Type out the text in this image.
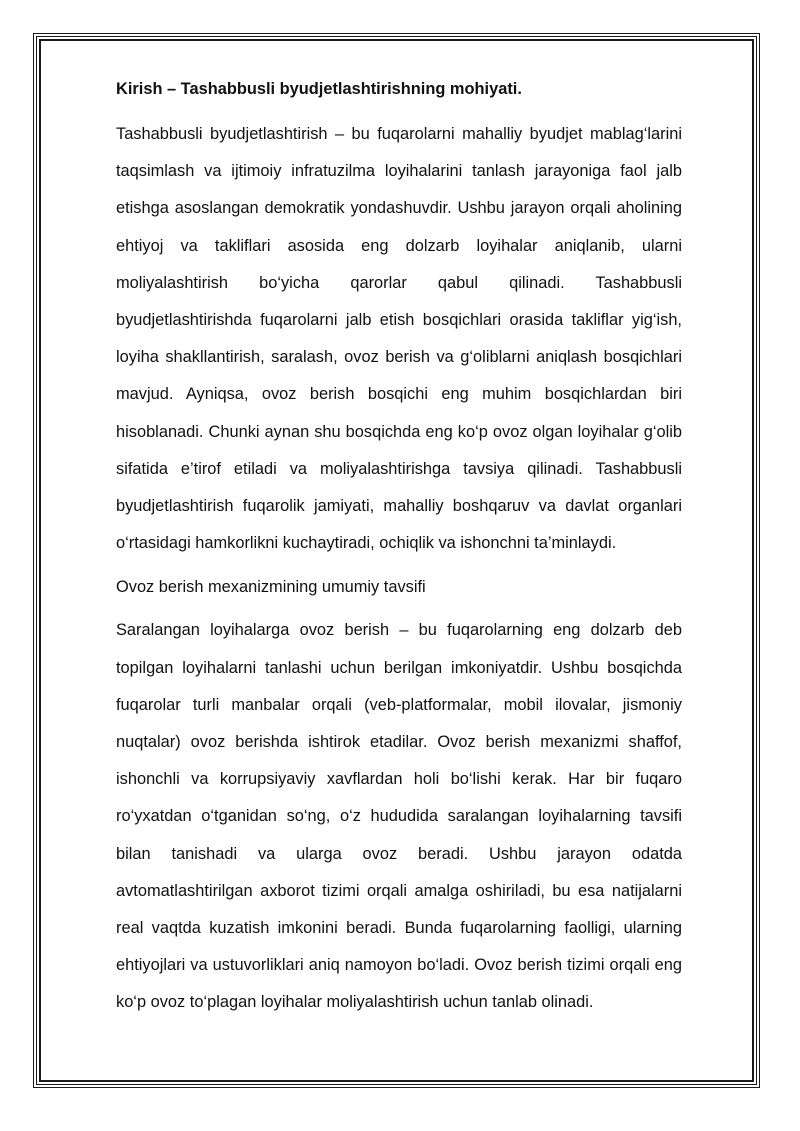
Kirish – Tashabbusli byudjetlashtirishning mohiyati.

Tashabbusli byudjetlashtirish – bu fuqarolarni mahalliy byudjet mablag‘larini taqsimlash va ijtimoiy infratuzilma loyihalarini tanlash jarayoniga faol jalb etishga asoslangan demokratik yondashuvdir. Ushbu jarayon orqali aholining ehtiyoj va takliflari asosida eng dolzarb loyihalar aniqlanib, ularni moliyalashtirish bo‘yicha qarorlar qabul qilinadi. Tashabbusli byudjetlashtirishda fuqarolarni jalb etish bosqichlari orasida takliflar yig‘ish, loyiha shakllantirish, saralash, ovoz berish va g‘oliblarni aniqlash bosqichlari mavjud. Ayniqsa, ovoz berish bosqichi eng muhim bosqichlardan biri hisoblanadi. Chunki aynan shu bosqichda eng ko‘p ovoz olgan loyihalar g‘olib sifatida e’tirof etiladi va moliyalashtirishga tavsiya qilinadi. Tashabbusli byudjetlashtirish fuqarolik jamiyati, mahalliy boshqaruv va davlat organlari o‘rtasidagi hamkorlikni kuchaytiradi, ochiqlik va ishonchni ta’minlaydi.

Ovoz berish mexanizmining umumiy tavsifi

Saralangan loyihalarga ovoz berish – bu fuqarolarning eng dolzarb deb topilgan loyihalarni tanlashi uchun berilgan imkoniyatdir. Ushbu bosqichda fuqarolar turli manbalar orqali (veb-platformalar, mobil ilovalar, jismoniy nuqtalar) ovoz berishda ishtirok etadilar. Ovoz berish mexanizmi shaffof, ishonchli va korrupsiyaviy xavflardan holi bo‘lishi kerak. Har bir fuqaro ro‘yxatdan o‘tganidan so‘ng, o‘z hududida saralangan loyihalarning tavsifi bilan tanishadi va ularga ovoz beradi. Ushbu jarayon odatda avtomatlashtirilgan axborot tizimi orqali amalga oshiriladi, bu esa natijalarni real vaqtda kuzatish imkonini beradi. Bunda fuqarolarning faolligi, ularning ehtiyojlari va ustuvorliklari aniq namoyon bo‘ladi. Ovoz berish tizimi orqali eng ko‘p ovoz to‘plagan loyihalar moliyalashtirish uchun tanlab olinadi.
